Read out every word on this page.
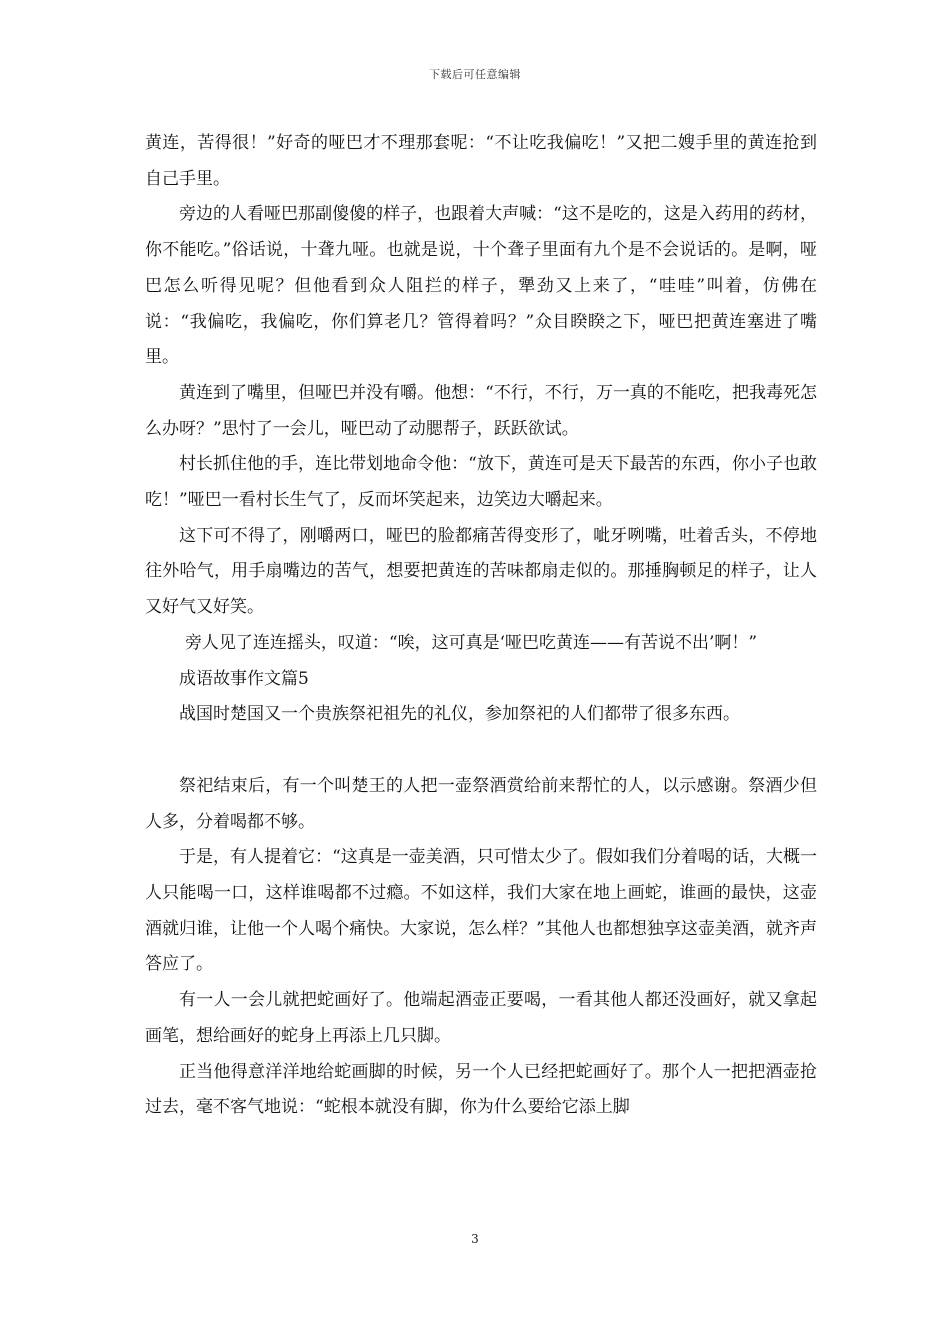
下载后可任意编辑

黄连，苦得很！”好奇的哑巴才不理那套呢：“不让吃我偏吃！”又把二嫂手里的黄连抢到自己手里。

旁边的人看哑巴那副傻傻的样子，也跟着大声喊：“这不是吃的，这是入药用的药材，你不能吃。”俗话说，十聋九哑。也就是说，十个聋子里面有九个是不会说话的。是啊，哑巴怎么听得见呢？但他看到众人阻拦的样子，犟劲又上来了，“哇哇”叫着，仿佛在说：“我偏吃，我偏吃，你们算老几？管得着吗？”众目睽睽之下，哑巴把黄连塞进了嘴里。

黄连到了嘴里，但哑巴并没有嚼。他想：“不行，不行，万一真的不能吃，把我毒死怎么办呀？”思忖了一会儿，哑巴动了动腮帮子，跃跃欲试。

村长抓住他的手，连比带划地命令他：“放下，黄连可是天下最苦的东西，你小子也敢吃！”哑巴一看村长生气了，反而坏笑起来，边笑边大嚼起来。

这下可不得了，刚嚼两口，哑巴的脸都痛苦得变形了，呲牙咧嘴，吐着舌头，不停地往外哈气，用手扇嘴边的苦气，想要把黄连的苦味都扇走似的。那捶胸顿足的样子，让人又好气又好笑。

旁人见了连连摇头，叹道：“唉，这可真是‘哑巴吃黄连——有苦说不出’啊！”

成语故事作文篇5

战国时楚国又一个贵族祭祀祖先的礼仪，参加祭祀的人们都带了很多东西。

祭祀结束后，有一个叫楚王的人把一壶祭酒赏给前来帮忙的人，以示感谢。祭酒少但人多，分着喝都不够。

于是，有人提着它：“这真是一壶美酒，只可惜太少了。假如我们分着喝的话，大概一人只能喝一口，这样谁喝都不过瘾。不如这样，我们大家在地上画蛇，谁画的最快，这壶酒就归谁，让他一个人喝个痛快。大家说，怎么样？”其他人也都想独享这壶美酒，就齐声答应了。

有一人一会儿就把蛇画好了。他端起酒壶正要喝，一看其他人都还没画好，就又拿起画笔，想给画好的蛇身上再添上几只脚。

正当他得意洋洋地给蛇画脚的时候，另一个人已经把蛇画好了。那个人一把把酒壶抢过去，毫不客气地说：“蛇根本就没有脚，你为什么要给它添上脚

3
